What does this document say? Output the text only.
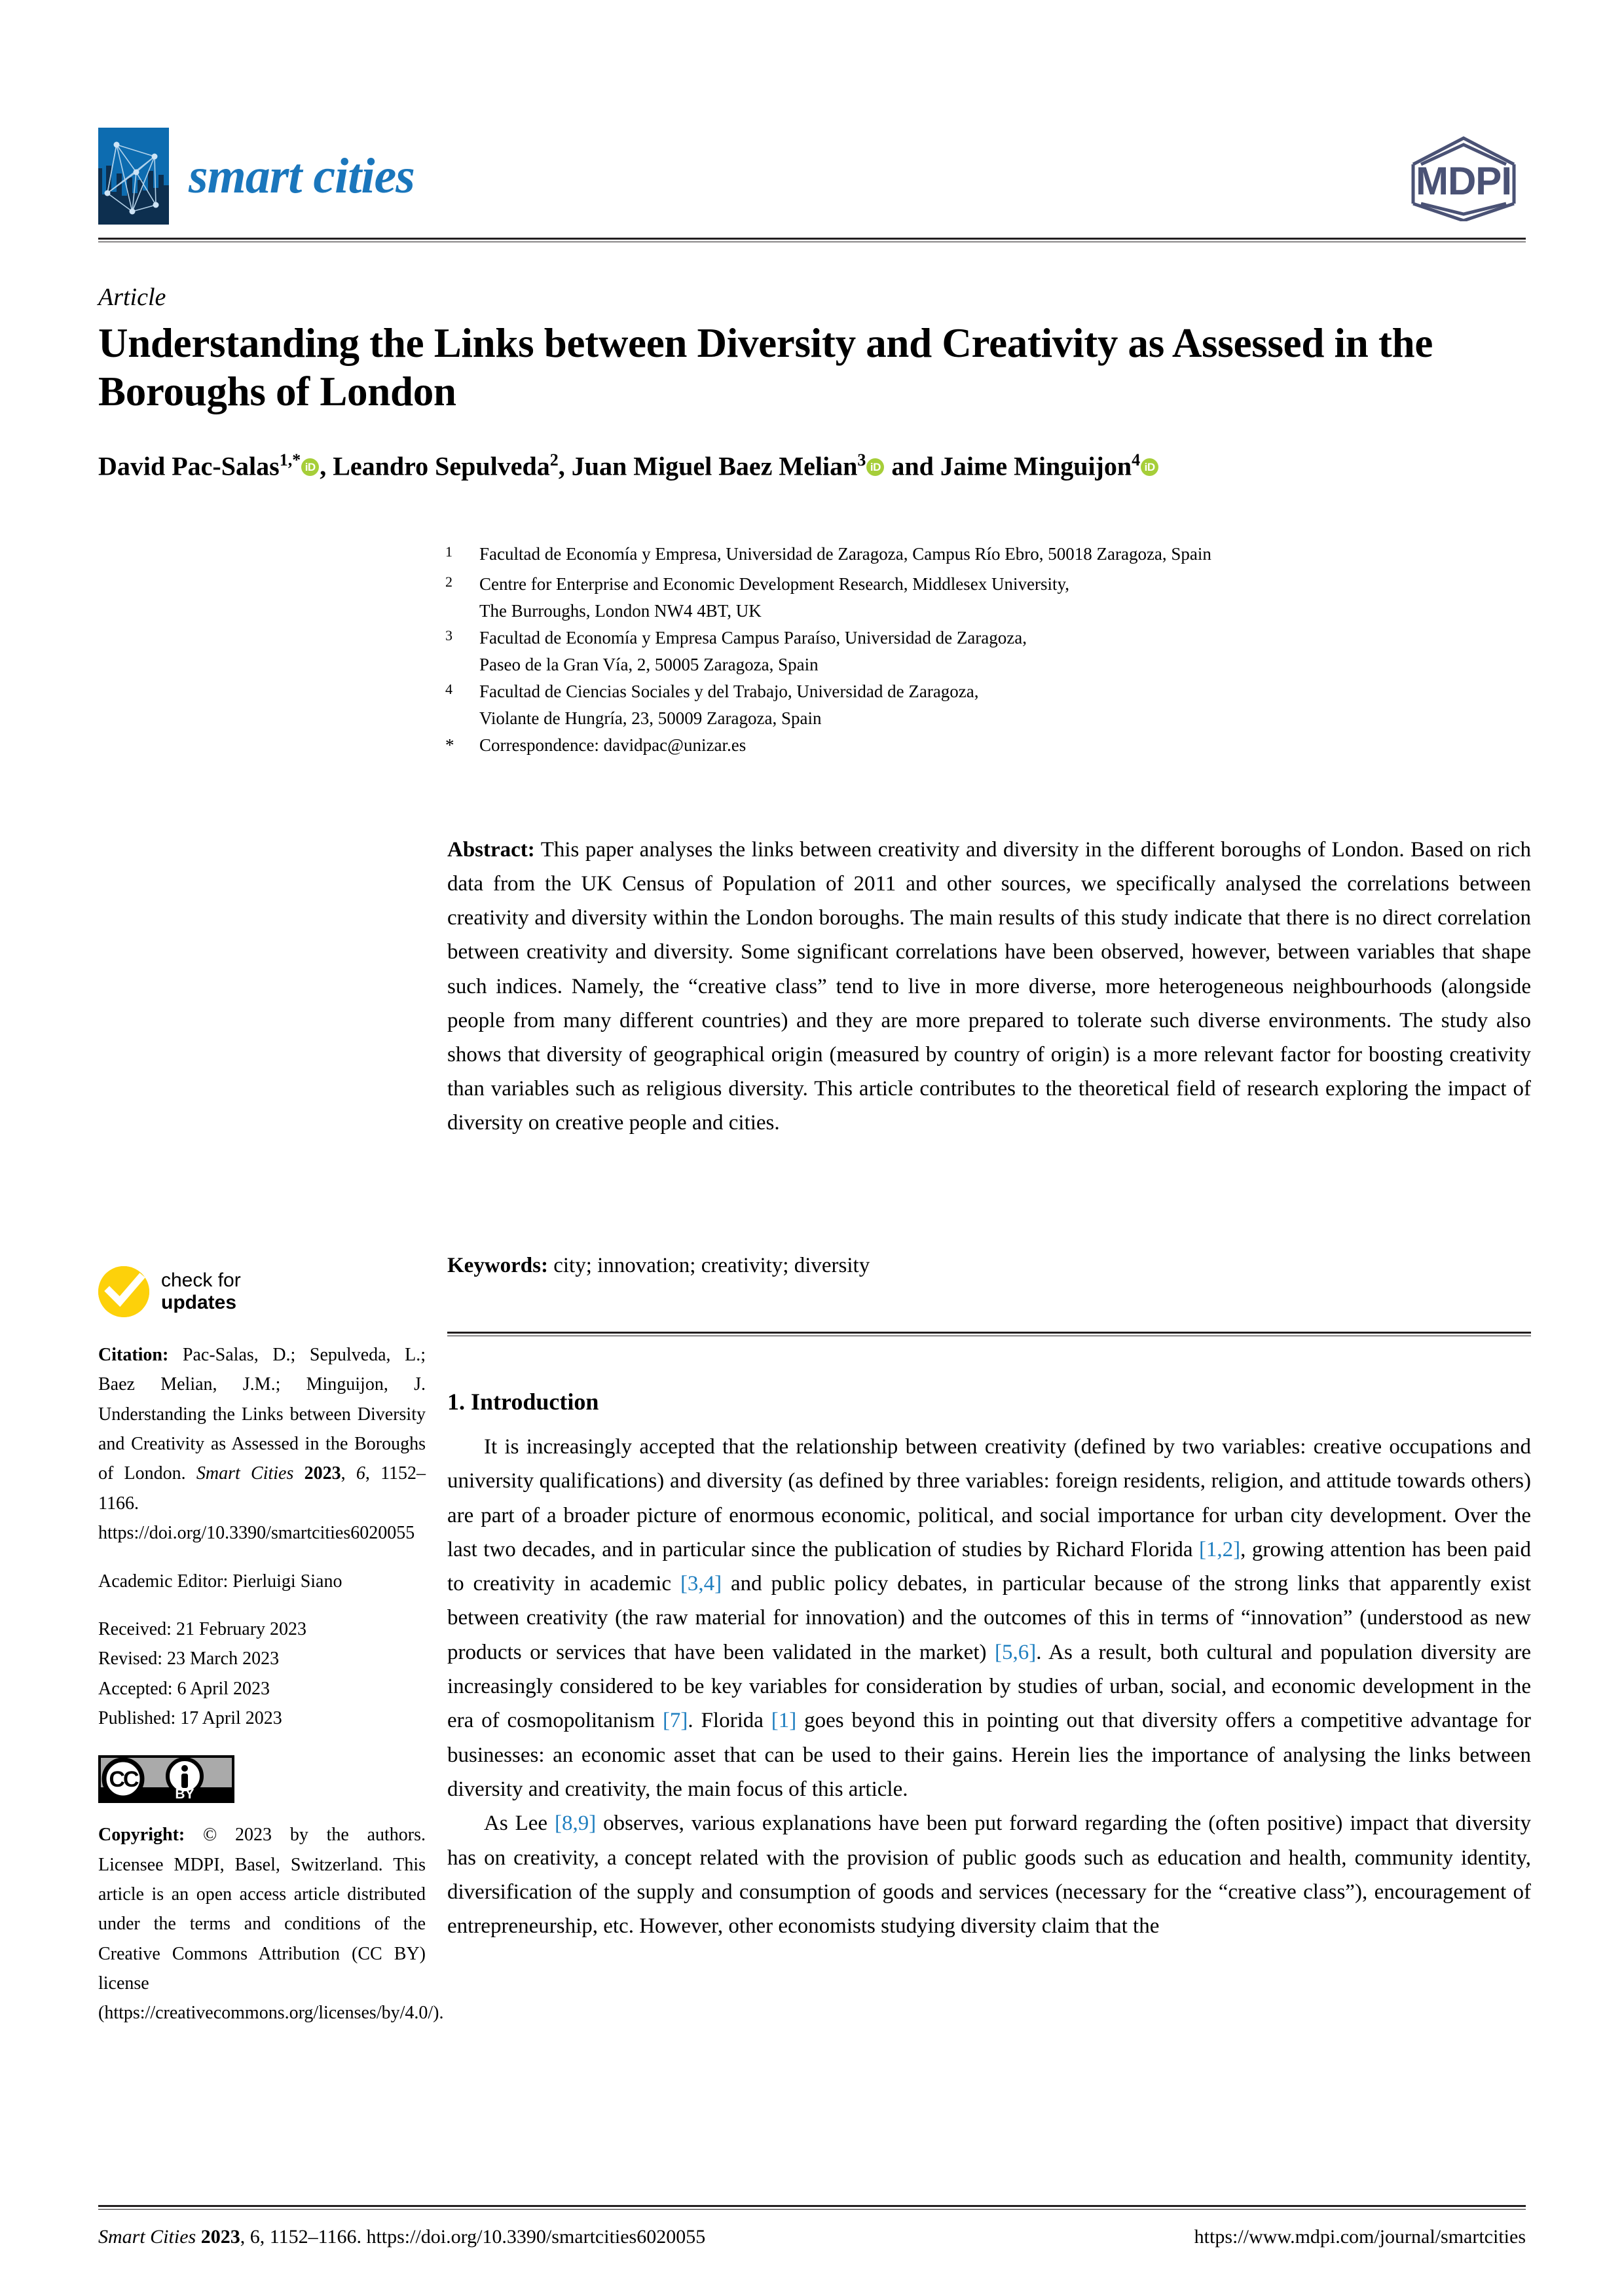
smart cities	MDPI
Article
Understanding the Links between Diversity and Creativity as Assessed in the Boroughs of London
David Pac-Salas$^{1,*}$ iD , Leandro Sepulveda$^2$, Juan Miguel Baez Melian$^3$ iD and Jaime Minguijon$^4$ iD
$^1$	Facultad de Economía y Empresa, Universidad de Zaragoza, Campus Río Ebro, 50018 Zaragoza, Spain
$^2$	Centre for Enterprise and Economic Development Research, Middlesex University,
The Burroughs, London NW4 4BT, UK
$^3$	Facultad de Economía y Empresa Campus Paraíso, Universidad de Zaragoza,
Paseo de la Gran Vía, 2, 50005 Zaragoza, Spain
$^4$	Facultad de Ciencias Sociales y del Trabajo, Universidad de Zaragoza,
Violante de Hungría, 23, 50009 Zaragoza, Spain
*	Correspondence: davidpac@unizar.es
Abstract: This paper analyses the links between creativity and diversity in the different boroughs of London. Based on rich data from the UK Census of Population of 2011 and other sources, we specifically analysed the correlations between creativity and diversity within the London boroughs. The main results of this study indicate that there is no direct correlation between creativity and diversity. Some significant correlations have been observed, however, between variables that shape such indices. Namely, the “creative class” tend to live in more diverse, more heterogeneous neighbourhoods (alongside people from many different countries) and they are more prepared to tolerate such diverse environments. The study also shows that diversity of geographical origin (measured by country of origin) is a more relevant factor for boosting creativity than variables such as religious diversity. This article contributes to the theoretical field of research exploring the impact of diversity on creative people and cities.
Keywords: city; innovation; creativity; diversity
1. Introduction

It is increasingly accepted that the relationship between creativity (defined by two variables: creative occupations and university qualifications) and diversity (as defined by three variables: foreign residents, religion, and attitude towards others) are part of a broader picture of enormous economic, political, and social importance for urban city development. Over the last two decades, and in particular since the publication of studies by Richard Florida [1,2], growing attention has been paid to creativity in academic [3,4] and public policy debates, in particular because of the strong links that apparently exist between creativity (the raw material for innovation) and the outcomes of this in terms of “innovation” (understood as new products or services that have been validated in the market) [5,6]. As a result, both cultural and population diversity are increasingly considered to be key variables for consideration by studies of urban, social, and economic development in the era of cosmopolitanism [7]. Florida [1] goes beyond this in pointing out that diversity offers a competitive advantage for businesses: an economic asset that can be used to their gains. Herein lies the importance of analysing the links between diversity and creativity, the main focus of this article.

As Lee [8,9] observes, various explanations have been put forward regarding the (often positive) impact that diversity has on creativity, a concept related with the provision of public goods such as education and health, community identity, diversification of the supply and consumption of goods and services (necessary for the “creative class”), encouragement of entrepreneurship, etc. However, other economists studying diversity claim that the

check for
updates
Citation: Pac-Salas, D.; Sepulveda, L.; Baez Melian, J.M.; Minguijon, J. Understanding the Links between Diversity and Creativity as Assessed in the Boroughs of London. Smart Cities 2023, 6, 1152–1166. https://doi.org/10.3390/smartcities6020055
Academic Editor: Pierluigi Siano
Received: 21 February 2023
Revised: 23 March 2023
Accepted: 6 April 2023
Published: 17 April 2023
CC
BY
Copyright: © 2023 by the authors. Licensee MDPI, Basel, Switzerland. This article is an open access article distributed under the terms and conditions of the Creative Commons Attribution (CC BY) license (https://creativecommons.org/licenses/by/4.0/).
Smart Cities 2023, 6, 1152–1166. https://doi.org/10.3390/smartcities6020055	https://www.mdpi.com/journal/smartcities
